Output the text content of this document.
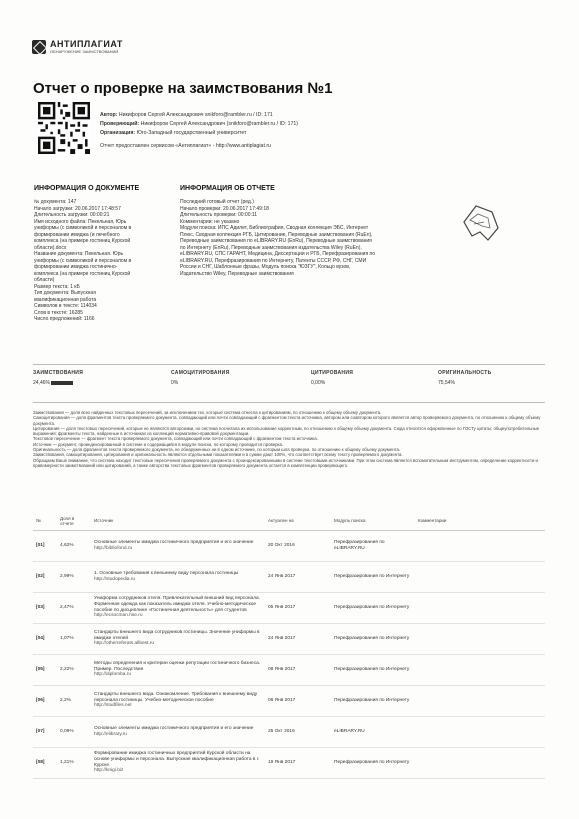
АНТИПЛАГИАТ
ОБНАРУЖЕНИЕ ЗАИМСТВОВАНИЙ
Отчет о проверке на заимствования №1
Автор: Никифоров Сергей Александрович snikforo@rambler.ru / ID: 171
Проверяющий: Никифоров Сергей Александрович (snikforo@rambler.ru / ID: 171)
Организация: Юго-Западный государственный университет
Отчет предоставлен сервисом «Антиплагиат» - http://www.antiplagiat.ru
ИНФОРМАЦИЯ О ДОКУМЕНТЕ	ИНФОРМАЦИЯ ОБ ОТЧЕТЕ
№ документа: 147
Начало загрузки: 20.06.2017 17:48:57
Длительность загрузки: 00:00:21
Имя исходного файла: Пекельная, Юрь
униформы (с символикой и персоналом в
формировании имиджа (и лечебного
комплекса (на примере гостиниц Курской
области).docx
Название документа: Пекельная. Юрь
униформы (с символикой и персоналом в
формировании имиджа гостинично-
комплекса (на примере гостиниц Курской
области)
Размер текста: 1 кБ
Тип документа: Выпускная
квалификационная работа
Символов в тексте: 114034
Слов в тексте: 16285
Число предложений: 1166
Последний готовый отчет (ред.)
Начало проверки: 20.06.2017 17:49:18
Длительность проверки: 00:00:11
Комментарии: не указано
Модули поиска: ИПС Адилет, Библиография, Сводная коллекция ЭБС, Интернет
Плюс, Сводная коллекция РГБ, Цитирование, Переводные заимствования (RuEn),
Переводные заимствования по eLIBRARY.RU (EnRu), Переводные заимствования
по Интернету (EnRu), Переводные заимствования издательства Wiley (RuEn),
eLIBRARY.RU, СПС ГАРАНТ, Медицина, Диссертации и РГБ, Перефразирования по
eLIBRARY.RU, Перефразирования по Интернету, Патенты СССР, РФ, СНГ, СМИ
России и СНГ, Шаблонные фразы, Модуль поиска "ЮЗГУ", Кольцо вузов,
Издательство Wiley, Переводные заимствования
ЗАИМСТВОВАНИЯ
24,46%
САМОЦИТИРОВАНИЯ
0%
ЦИТИРОВАНИЯ
0,00%
ОРИГИНАЛЬНОСТЬ
75,54%

Заимствования — доля всех найденных текстовых пересечений, за исключением тех, которые система отнесла к цитированиям, по отношению к общему объему документа.

Самоцитирования — доля фрагментов текста проверяемого документа, совпадающий или почти совпадающий с фрагментом текста источника, автором или соавтором которого является автор проверяемого документа, по отношению к общему объему документа.

Цитирования — доля текстовых пересечений, которые не являются авторскими, но система посчитала их использование корректным, по отношению к общему объему документа. Сюда относятся оформленные по ГОСТу цитаты; общеупотребительные выражения; фрагменты текста, найденные в источниках из коллекций нормативно-правовой документации.

Текстовое пересечение — фрагмент текста проверяемого документа, совпадающий или почти совпадающий с фрагментом текста источника.

Источник — документ, проиндексированный в системе и содержащийся в модуле поиска, по которому проводится проверка.

Оригинальность — доля фрагментов текста проверяемого документа, не обнаруженных ни в одном источнике, по которым шла проверка, по отношению к общему объему документа.

Заимствования, самоцитирования, цитирования и оригинальность являются отдельными показателями и в сумме дают 100%, что соответствует всему тексту проверяемого документа.

Обращаем Ваше внимание, что система находит текстовые пересечения проверяемого документа с проиндексированными в системе текстовыми источниками. При этом система является вспомогательным инструментом, определение корректности и правомерности заимствований или цитирований, а также авторства текстовых фрагментов проверяемого документа остается в компетенции проверяющего.

№	Доля в отчете	Источник	Актуален на	Модуль поиска	Комментарии
[01]	4,62%	Основные элементы имиджа гостиничного предприятия и его значение
http://bibliofond.ru	20 Окт 2016	Перефразирования по eLIBRARY.RU	
[02]	2,99%	1. Основные требования к внешнему виду персонала гостиницы
http://studopedia.ru	24 Янв 2017	Перефразирования по Интернету	
[03]	2,47%	Униформа сотрудников отеля. Привлекательный внешний вид персонала. Форменная одежда как показатель имиджа отеля. Учебно-методическое пособие по дисциплине «Гостиничная деятельность» для студентов
http://ecsocman.hse.ru	05 Янв 2017	Перефразирования по Интернету	
[04]	1,07%	Стандарты внешнего вида сотрудников гостиницы. Значение униформы в имидже отелей
http://otherreferats.allbest.ru	24 Янв 2017	Перефразирования по Интернету	
[05]	2,22%	Методы определения и критерии оценки репутации гостиничного бизнеса. Пример. Последствия
http://diplomba.ru	08 Янв 2017	Перефразирования по Интернету	
[06]	2,2%	Стандарты внешнего вида. Ознакомление. Требования к внешнему виду персонала гостиницы. Учебно-методическое пособие
http://studfiles.net	08 Янв 2017	Перефразирования по Интернету	
[07]	0,09%	Основные элементы имиджа гостиничного предприятия и его значение
http://elibrary.ru	25 Окт 2016	eLIBRARY.RU	
[08]	1,21%	Формирование имиджа гостиничных предприятий Курской области на основе униформы и персонала. Выпускная квалификационная работа в г. Курске
http://knigi.biz	19 Янв 2017	Перефразирования по Интернету	
